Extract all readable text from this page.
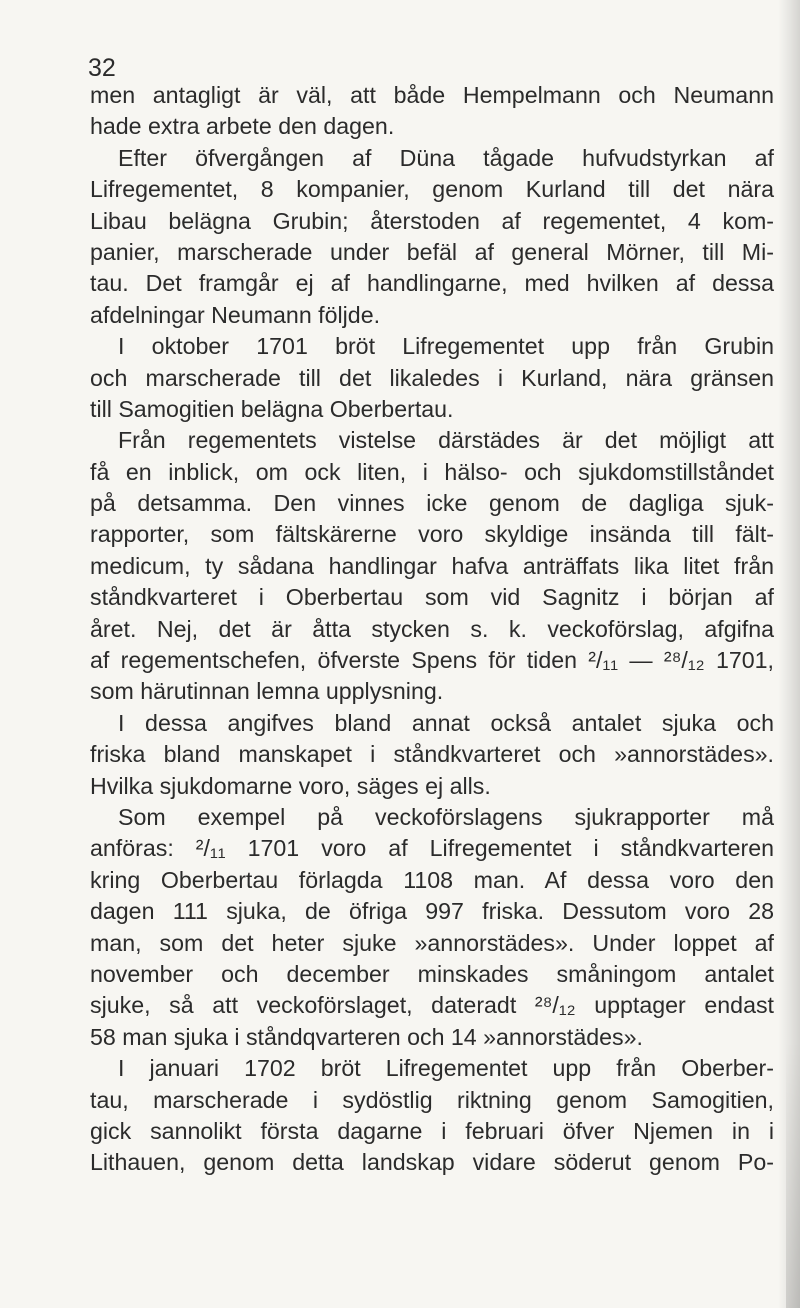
32
men antagligt är väl, att både Hempelmann och Neumann
hade extra arbete den dagen.
Efter öfvergången af Düna tågade hufvudstyrkan af
Lifregementet, 8 kompanier, genom Kurland till det nära
Libau belägna Grubin; återstoden af regementet, 4 kom-
panier, marscherade under befäl af general Mörner, till Mi-
tau. Det framgår ej af handlingarne, med hvilken af dessa
afdelningar Neumann följde.
I oktober 1701 bröt Lifregementet upp från Grubin
och marscherade till det likaledes i Kurland, nära gränsen
till Samogitien belägna Oberbertau.
Från regementets vistelse därstädes är det möjligt att
få en inblick, om ock liten, i hälso- och sjukdomstillståndet
på detsamma. Den vinnes icke genom de dagliga sjuk-
rapporter, som fältskärerne voro skyldige insända till fält-
medicum, ty sådana handlingar hafva anträffats lika litet från
ståndkvarteret i Oberbertau som vid Sagnitz i början af
året. Nej, det är åtta stycken s. k. veckoförslag, afgifna
af regementschefen, öfverste Spens för tiden ²/₁₁ — ²⁸/₁₂ 1701,
som härutinnan lemna upplysning.
I dessa angifves bland annat också antalet sjuka och
friska bland manskapet i ståndkvarteret och »annorstädes».
Hvilka sjukdomarne voro, säges ej alls.
Som exempel på veckoförslagens sjukrapporter må
anföras: ²/₁₁ 1701 voro af Lifregementet i ståndkvarteren
kring Oberbertau förlagda 1108 man. Af dessa voro den
dagen 111 sjuka, de öfriga 997 friska. Dessutom voro 28
man, som det heter sjuke »annorstädes». Under loppet af
november och december minskades småningom antalet
sjuke, så att veckoförslaget, dateradt ²⁸/₁₂ upptager endast
58 man sjuka i ståndqvarteren och 14 »annorstädes».
I januari 1702 bröt Lifregementet upp från Oberber-
tau, marscherade i sydöstlig riktning genom Samogitien,
gick sannolikt första dagarne i februari öfver Njemen in i
Lithauen, genom detta landskap vidare söderut genom Po-
